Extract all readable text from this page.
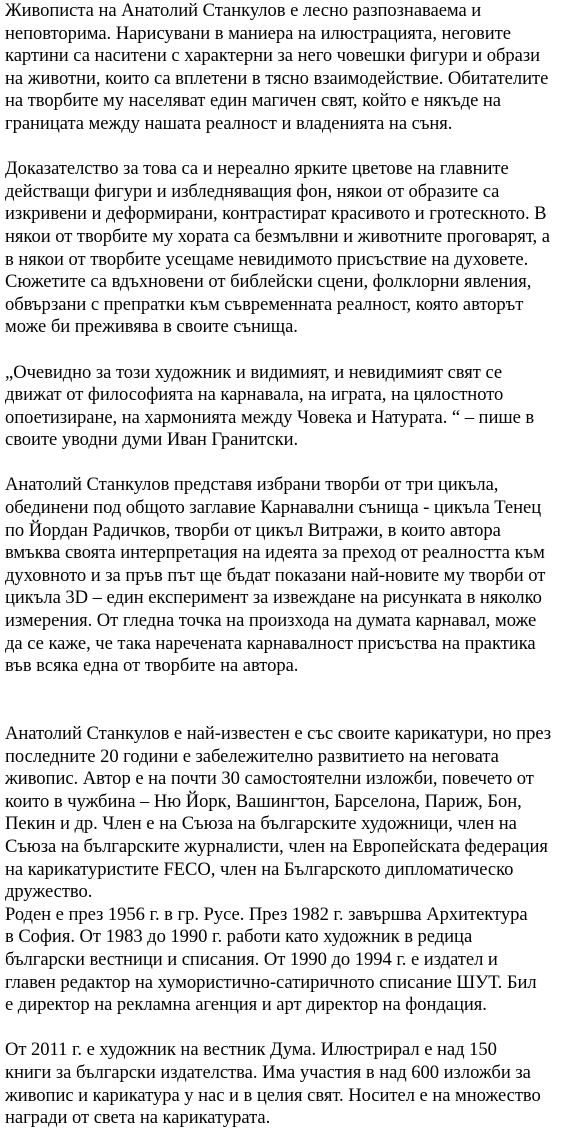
Живописта на Анатолий Станкулов е лесно разпознаваема и
неповторима. Нарисувани в маниера на илюстрацията, неговите
картини са наситени с характерни за него човешки фигури и образи
на животни, които са вплетени в тясно взаимодействие. Обитателите
на творбите му населяват един магичен свят, който е някъде на
границата между нашата реалност и владенията на съня.

Доказателство за това са и нереално ярките цветове на главните
действащи фигури и избледняващия фон, някои от образите са
изкривени и деформирани, контрастират красивото и гротескното. В
някои от творбите му хората са безмълвни и животните проговарят, а
в някои от творбите усещаме невидимото присъствие на духовете.
Сюжетите са вдъхновени от библейски сцени, фолклорни явления,
обвързани с препратки към съвременната реалност, която авторът
може би преживява в своите сънища.

„Очевидно за този художник и видимият, и невидимият свят се
движат от философията на карнавала, на играта, на цялостното
опоетизиране, на хармонията между Човека и Натурата. “ – пише в
своите уводни думи Иван Гранитски.

Анатолий Станкулов представя избрани творби от три цикъла,
обединени под общото заглавие Карнавални сънища - цикъла Тенец
по Йордан Радичков, творби от цикъл Витражи, в които автора
вмъква своята интерпретация на идеята за преход от реалността към
духовното и за пръв път ще бъдат показани най-новите му творби от
цикъла 3D – един експеримент за извеждане на рисунката в няколко
измерения. От гледна точка на произхода на думата карнавал, може
да се каже, че така наречената карнавалност присъства на практика
във всяка една от творбите на автора.

Анатолий Станкулов е най-известен е със своите карикатури, но през
последните 20 години е забележително развитието на неговата
живопис. Автор е на почти 30 самостоятелни изложби, повечето от
които в чужбина – Ню Йорк, Вашингтон, Барселона, Париж, Бон,
Пекин и др. Член е на Съюза на българските художници, член на
Съюза на българските журналисти, член на Европейската федерация
на карикатуристите FECO, член на Българското дипломатическо
дружество.
Роден е през 1956 г. в гр. Русе. През 1982 г. завършва Архитектура
в София. От 1983 до 1990 г. работи като художник в редица
български вестници и списания. От 1990 до 1994 г. е издател и
главен редактор на хумористично-сатиричното списание ШУТ. Бил
е директор на рекламна агенция и арт директор на фондация.

От 2011 г. е художник на вестник Дума. Илюстрирал е над 150
книги за български издателства. Има участия в над 600 изложби за
живопис и карикатура у нас и в целия свят. Носител е на множество
награди от света на карикатурата.
